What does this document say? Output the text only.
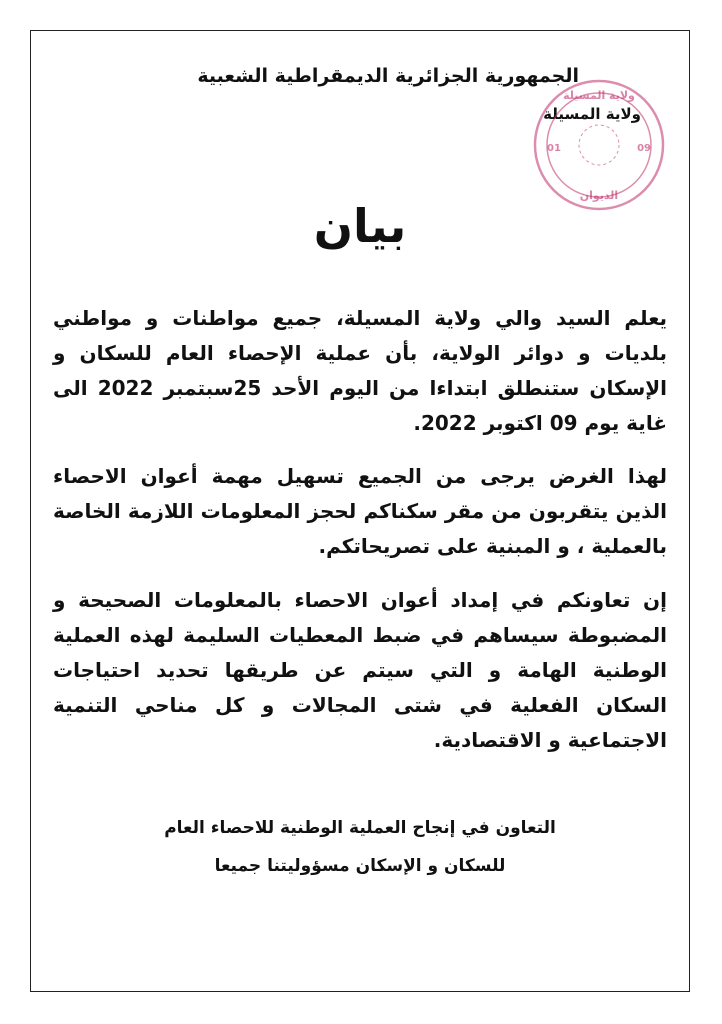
الجمهورية الجزائرية الديمقراطية الشعبية
ولاية المسيلة
ولاية المسيلة
الديوان
01	09
بيان

يعلم السيد والي ولاية المسيلة، جميع مواطنات و مواطني بلديات و دوائر الولاية، بأن عملية الإحصاء العام للسكان و الإسكان ستنطلق ابتداءا من اليوم الأحد 25سبتمبر 2022 الى غاية يوم 09 اكتوبر 2022.

لهذا الغرض يرجى من الجميع تسهيل مهمة أعوان الاحصاء الذين يتقربون من مقر سكناكم لحجز المعلومات اللازمة الخاصة بالعملية ، و المبنية على تصريحاتكم.

إن تعاونكم في إمداد أعوان الاحصاء بالمعلومات الصحيحة و المضبوطة سيساهم في ضبط المعطيات السليمة لهذه العملية الوطنية الهامة و التي سيتم عن طريقها تحديد احتياجات السكان الفعلية في شتى المجالات و كل مناحي التنمية الاجتماعية و الاقتصادية.

التعاون في إنجاح العملية الوطنية للاحصاء العام
للسكان و الإسكان مسؤوليتنا جميعا
